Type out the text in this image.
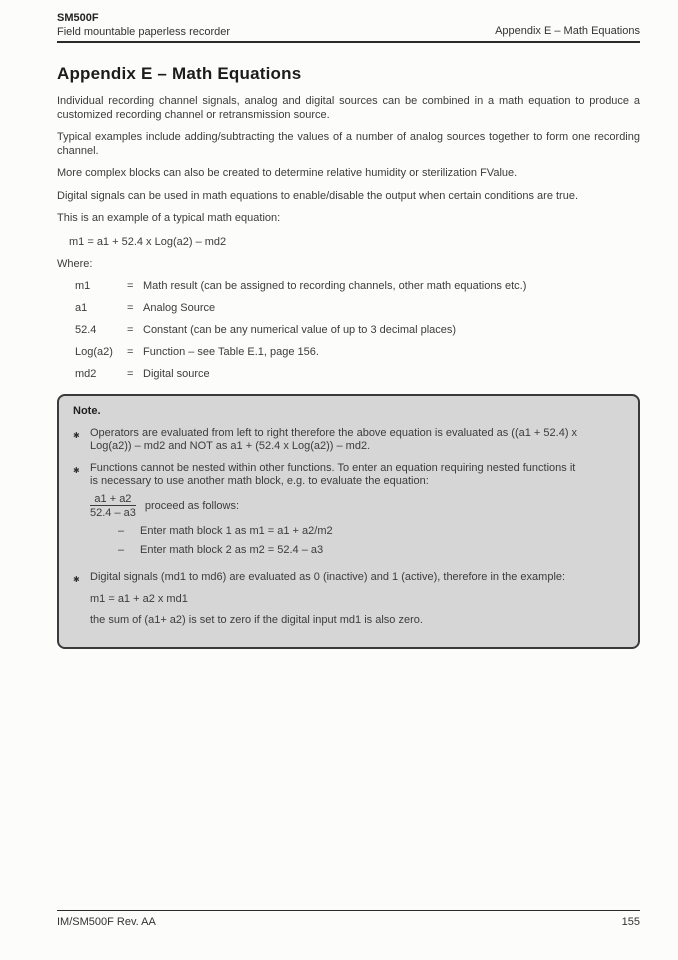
SM500F
Field mountable paperless recorder	Appendix E – Math Equations
Appendix E – Math Equations

Individual recording channel signals, analog and digital sources can be combined in a math equation to produce a customized recording channel or retransmission source.

Typical examples include adding/subtracting the values of a number of analog sources together to form one recording channel.

More complex blocks can also be created to determine relative humidity or sterilization FValue.

Digital signals can be used in math equations to enable/disable the output when certain conditions are true.

This is an example of a typical math equation:

m1 = a1 + 52.4 x Log(a2) – md2
Where:
m1	= Math result (can be assigned to recording channels, other math equations etc.)
a1	= Analog Source
52.4	= Constant (can be any numerical value of up to 3 decimal places)
Log(a2)	= Function – see Table E.1, page 156.
md2	= Digital source
Note.
✱ Operators are evaluated from left to right therefore the above equation is evaluated as ((a1 + 52.4) x Log(a2)) – md2 and NOT as a1 + (52.4 x Log(a2)) – md2.
✱ Functions cannot be nested within other functions. To enter an equation requiring nested functions it is necessary to use another math block, e.g. to evaluate the equation:
$\frac{a1 + a2}{52.4 - a3}$ proceed as follows:
–	Enter math block 1 as m1 = a1 + a2/m2
–	Enter math block 2 as m2 = 52.4 – a3
✱ Digital signals (md1 to md6) are evaluated as 0 (inactive) and 1 (active), therefore in the example:
m1 = a1 + a2 x md1
the sum of (a1+ a2) is set to zero if the digital input md1 is also zero.
IM/SM500F Rev. AA	155
